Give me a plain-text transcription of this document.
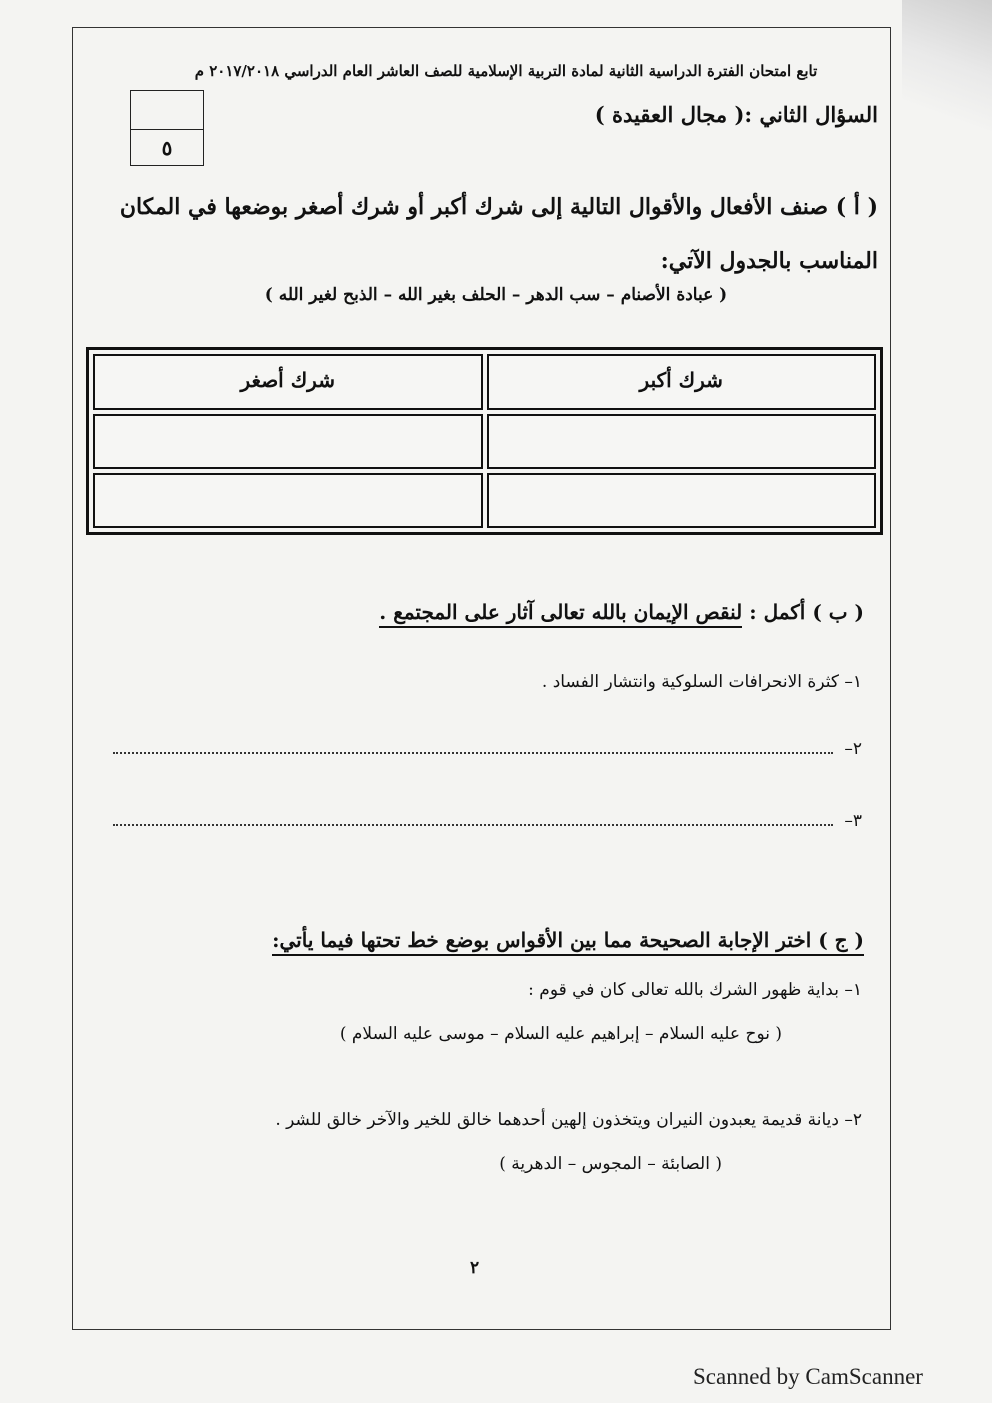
تابع امتحان الفترة الدراسية الثانية لمادة التربية الإسلامية للصف العاشر العام الدراسي ٢٠١٧/٢٠١٨ م
٥
السؤال الثاني :( مجال العقيدة )
( أ ) صنف الأفعال والأقوال التالية إلى شرك أكبر أو شرك أصغر بوضعها في المكان المناسب بالجدول الآتي:
( عبادة الأصنام – سب الدهر – الحلف بغير الله – الذبح لغير الله )
شرك أكبر
شرك أصغر
( ب ) أكمل : لنقص الإيمان بالله تعالى آثار على المجتمع .
١– كثرة الانحرافات السلوكية وانتشار الفساد .
٢–
٣–
( ج ) اختر الإجابة الصحيحة مما بين الأقواس بوضع خط تحتها فيما يأتي:
١– بداية ظهور الشرك بالله تعالى كان في قوم :
( نوح عليه السلام – إبراهيم عليه السلام – موسى عليه السلام )
٢– ديانة قديمة يعبدون النيران ويتخذون إلهين أحدهما خالق للخير والآخر خالق للشر .
( الصابئة – المجوس – الدهرية )
٢
Scanned by CamScanner
